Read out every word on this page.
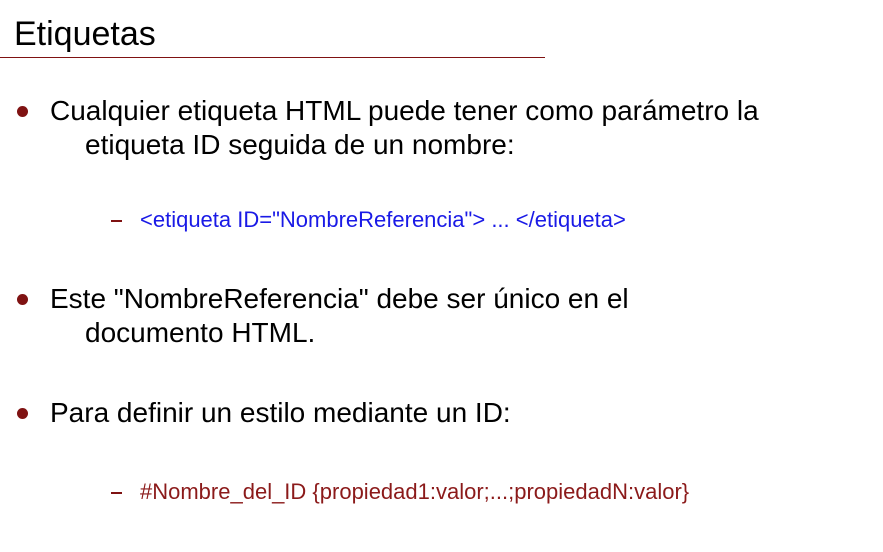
Etiquetas
Cualquier etiqueta HTML puede tener como parámetro la
etiqueta ID seguida de un nombre:
<etiqueta ID="NombreReferencia"> ... </etiqueta>
Este "NombreReferencia" debe ser único en el
documento HTML.
Para definir un estilo mediante un ID:
#Nombre_del_ID {propiedad1:valor;...;propiedadN:valor}
